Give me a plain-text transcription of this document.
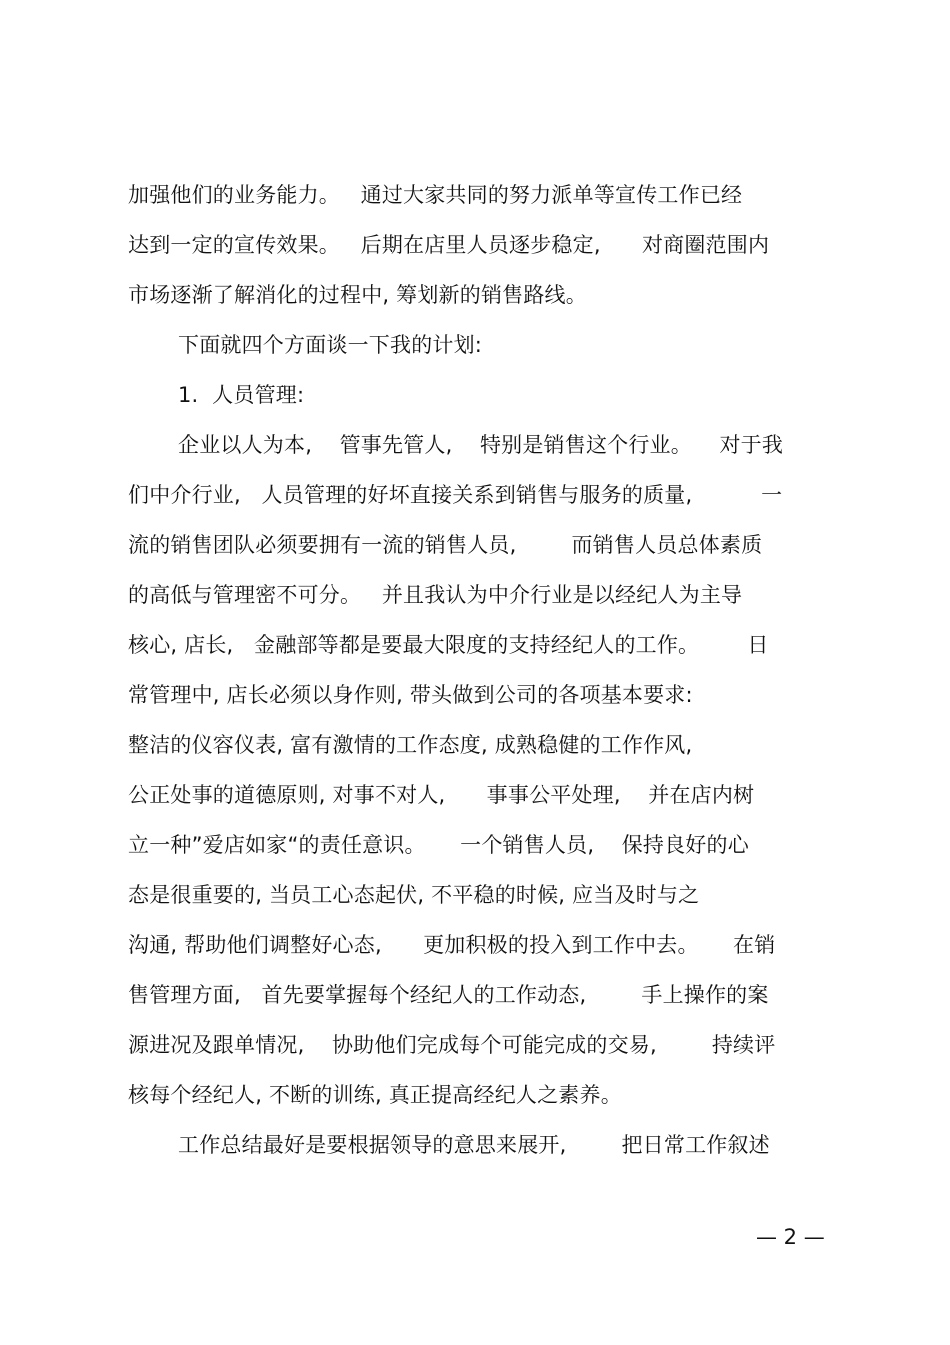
加强他们的业务能力。   通过大家共同的努力派单等宣传工作已经
达到一定的宣传效果。   后期在店里人员逐步稳定,      对商圈范围内
市场逐渐了解消化的过程中, 筹划新的销售路线。
下面就四个方面谈一下我的计划:
1.  人员管理:
企业以人为本,    管事先管人,    特别是销售这个行业。    对于我
们中介行业,   人员管理的好坏直接关系到销售与服务的质量,          一
流的销售团队必须要拥有一流的销售人员,        而销售人员总体素质
的高低与管理密不可分。   并且我认为中介行业是以经纪人为主导
核心, 店长,   金融部等都是要最大限度的支持经纪人的工作。       日
常管理中, 店长必须以身作则, 带头做到公司的各项基本要求:
整洁的仪容仪表, 富有激情的工作态度, 成熟稳健的工作作风,
公正处事的道德原则, 对事不对人,      事事公平处理,    并在店内树
立一种”爱店如家“的责任意识。     一个销售人员,    保持良好的心
态是很重要的, 当员工心态起伏, 不平稳的时候, 应当及时与之
沟通, 帮助他们调整好心态,      更加积极的投入到工作中去。     在销
售管理方面,   首先要掌握每个经纪人的工作动态,        手上操作的案
源进况及跟单情况,    协助他们完成每个可能完成的交易,        持续评
核每个经纪人, 不断的训练, 真正提高经纪人之素养。
工作总结最好是要根据领导的意思来展开,        把日常工作叙述
— 2 —
